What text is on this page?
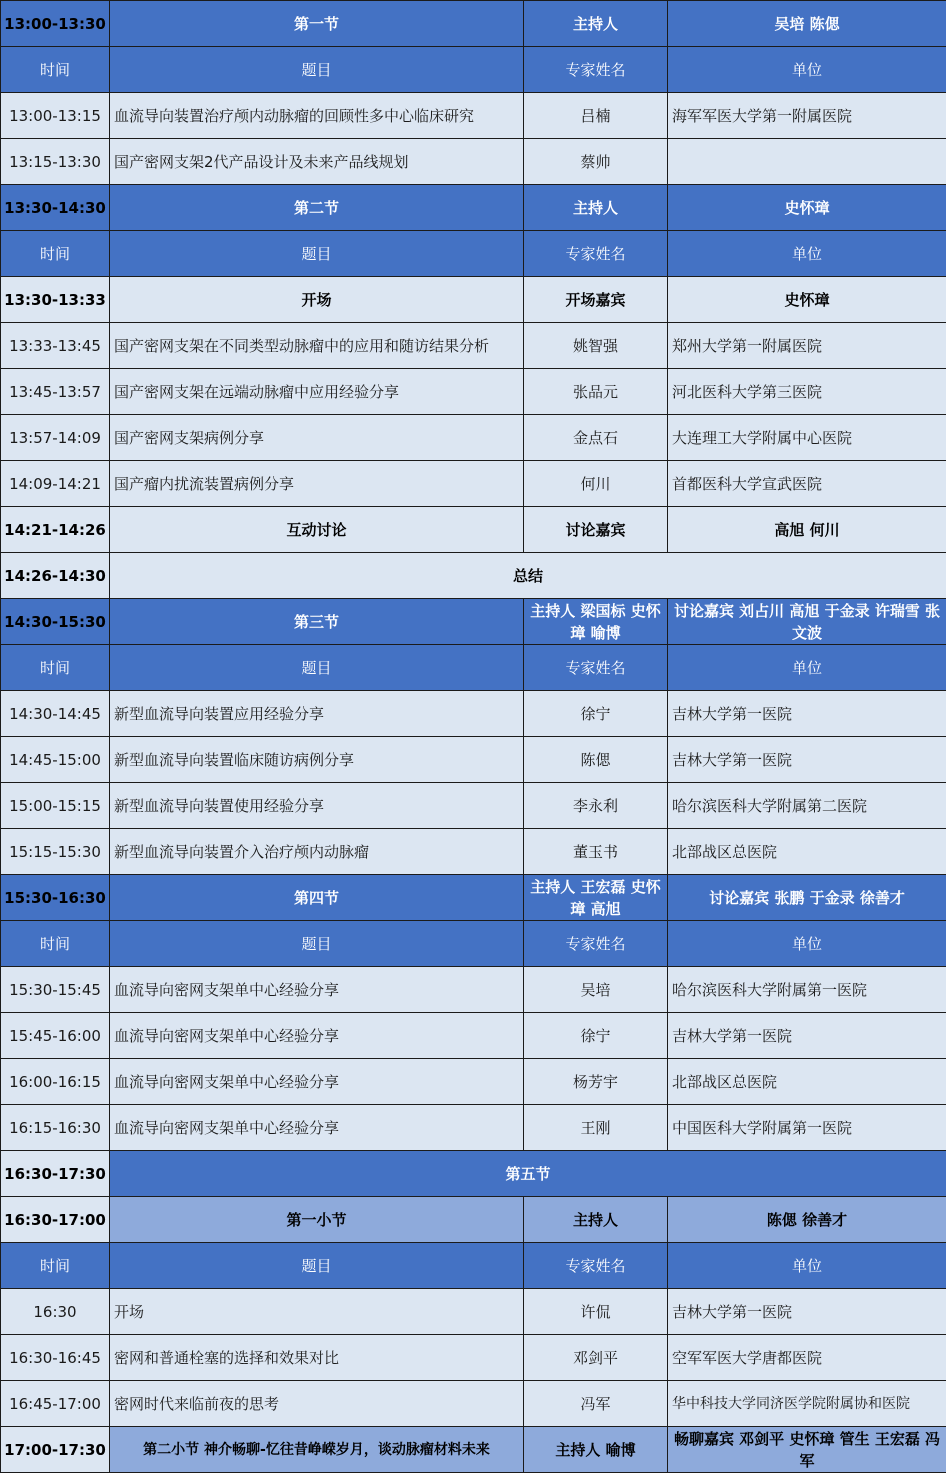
13:00-13:30	第一节	主持人	吴培 陈偲
时间	题目	专家姓名	单位
13:00-13:15	血流导向装置治疗颅内动脉瘤的回顾性多中心临床研究	吕楠	海军军医大学第一附属医院
13:15-13:30	国产密网支架2代产品设计及未来产品线规划	蔡帅	
13:30-14:30	第二节	主持人	史怀璋
时间	题目	专家姓名	单位
13:30-13:33	开场	开场嘉宾	史怀璋
13:33-13:45	国产密网支架在不同类型动脉瘤中的应用和随访结果分析	姚智强	郑州大学第一附属医院
13:45-13:57	国产密网支架在远端动脉瘤中应用经验分享	张品元	河北医科大学第三医院
13:57-14:09	国产密网支架病例分享	金点石	大连理工大学附属中心医院
14:09-14:21	国产瘤内扰流装置病例分享	何川	首都医科大学宣武医院
14:21-14:26	互动讨论	讨论嘉宾	高旭 何川
14:26-14:30	总结		
14:30-15:30	第三节	主持人 梁国标 史怀璋 喻博	讨论嘉宾 刘占川 高旭 于金录 许瑞雪 张文波
时间	题目	专家姓名	单位
14:30-14:45	新型血流导向装置应用经验分享	徐宁	吉林大学第一医院
14:45-15:00	新型血流导向装置临床随访病例分享	陈偲	吉林大学第一医院
15:00-15:15	新型血流导向装置使用经验分享	李永利	哈尔滨医科大学附属第二医院
15:15-15:30	新型血流导向装置介入治疗颅内动脉瘤	董玉书	北部战区总医院
15:30-16:30	第四节	主持人 王宏磊 史怀璋 高旭	讨论嘉宾 张鹏 于金录 徐善才
时间	题目	专家姓名	单位
15:30-15:45	血流导向密网支架单中心经验分享	吴培	哈尔滨医科大学附属第一医院
15:45-16:00	血流导向密网支架单中心经验分享	徐宁	吉林大学第一医院
16:00-16:15	血流导向密网支架单中心经验分享	杨芳宇	北部战区总医院
16:15-16:30	血流导向密网支架单中心经验分享	王刚	中国医科大学附属第一医院
16:30-17:30	第五节		
16:30-17:00	第一小节	主持人	陈偲 徐善才
时间	题目	专家姓名	单位
16:30	开场	许侃	吉林大学第一医院
16:30-16:45	密网和普通栓塞的选择和效果对比	邓剑平	空军军医大学唐都医院
16:45-17:00	密网时代来临前夜的思考	冯军	华中科技大学同济医学院附属协和医院
17:00-17:30	第二小节 神介畅聊-忆往昔峥嵘岁月，谈动脉瘤材料未来	主持人 喻博	畅聊嘉宾 邓剑平 史怀璋 管生 王宏磊 冯军
